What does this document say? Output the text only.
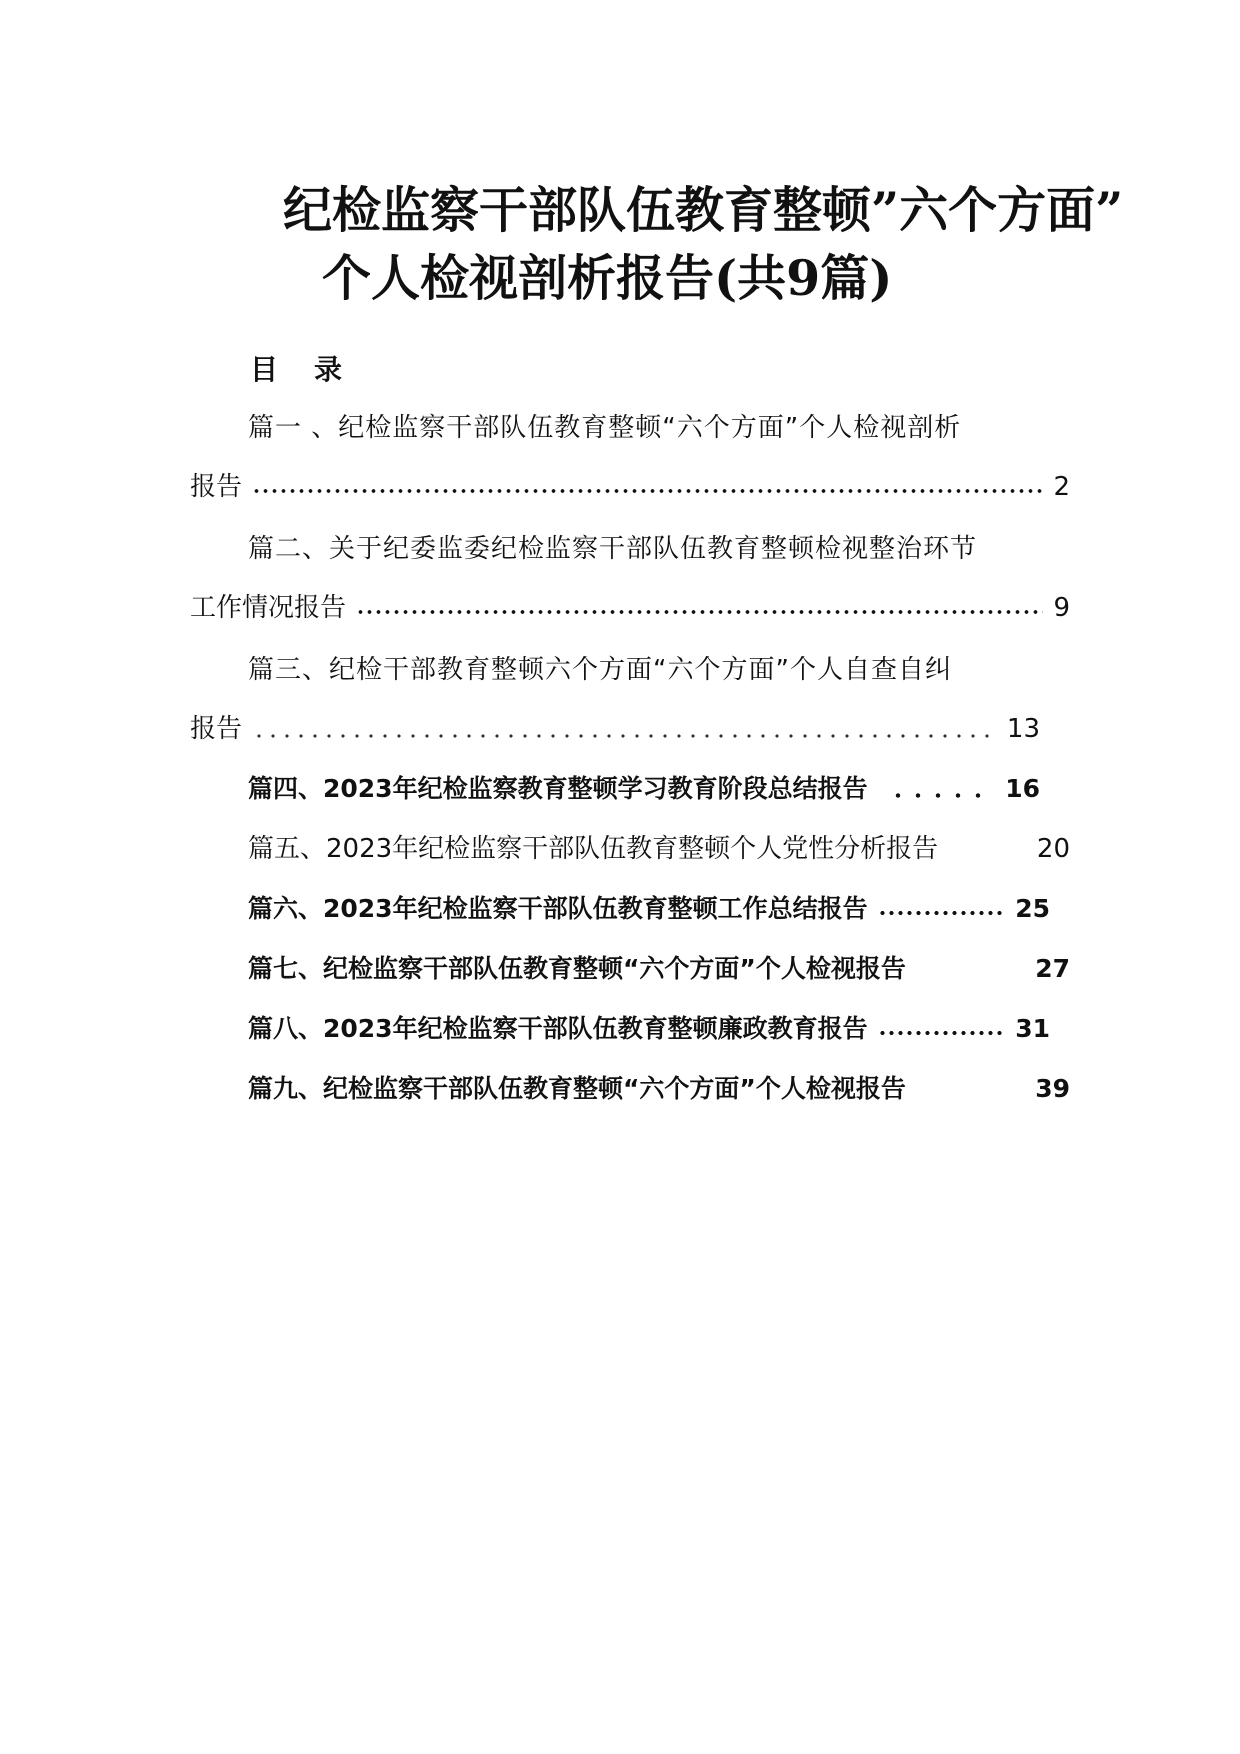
纪检监察干部队伍教育整顿”六个方面”
个人检视剖析报告(共9篇)
目录
篇一 、纪检监察干部队伍教育整顿“六个方面”个人检视剖析
报告	2
篇二、关于纪委监委纪检监察干部队伍教育整顿检视整治环节
工作情况报告	9
篇三、纪检干部教育整顿六个方面“六个方面”个人自查自纠
报告	13
篇四、2023年纪检监察教育整顿学习教育阶段总结报告	16
篇五、2023年纪检监察干部队伍教育整顿个人党性分析报告	20
篇六、2023年纪检监察干部队伍教育整顿工作总结报告	25
篇七、纪检监察干部队伍教育整顿“六个方面”个人检视报告	27
篇八、2023年纪检监察干部队伍教育整顿廉政教育报告	31
篇九、纪检监察干部队伍教育整顿“六个方面”个人检视报告	39
